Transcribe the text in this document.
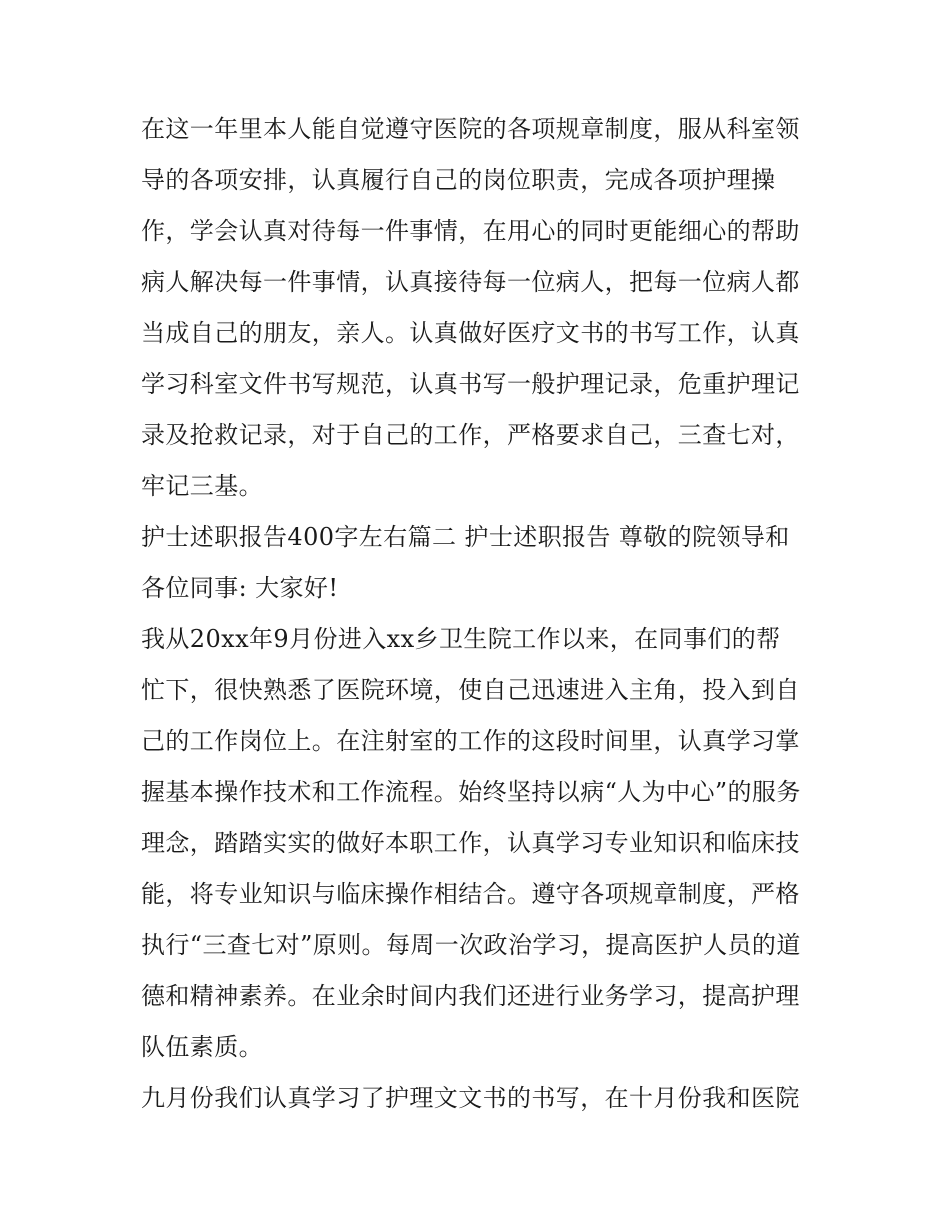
在这一年里本人能自觉遵守医院的各项规章制度，服从科室领
导的各项安排，认真履行自己的岗位职责，完成各项护理操
作，学会认真对待每一件事情，在用心的同时更能细心的帮助
病人解决每一件事情，认真接待每一位病人，把每一位病人都
当成自己的朋友，亲人。认真做好医疗文书的书写工作，认真
学习科室文件书写规范，认真书写一般护理记录，危重护理记
录及抢救记录，对于自己的工作，严格要求自己，三查七对，
牢记三基。
护士述职报告400字左右篇二 护士述职报告 尊敬的院领导和
各位同事: 大家好!
我从20xx年9月份进入xx乡卫生院工作以来，在同事们的帮
忙下，很快熟悉了医院环境，使自己迅速进入主角，投入到自
己的工作岗位上。在注射室的工作的这段时间里，认真学习掌
握基本操作技术和工作流程。始终坚持以病“人为中心”的服务
理念，踏踏实实的做好本职工作，认真学习专业知识和临床技
能，将专业知识与临床操作相结合。遵守各项规章制度，严格
执行“三查七对”原则。每周一次政治学习，提高医护人员的道
德和精神素养。在业余时间内我们还进行业务学习，提高护理
队伍素质。
九月份我们认真学习了护理文文书的书写，在十月份我和医院
